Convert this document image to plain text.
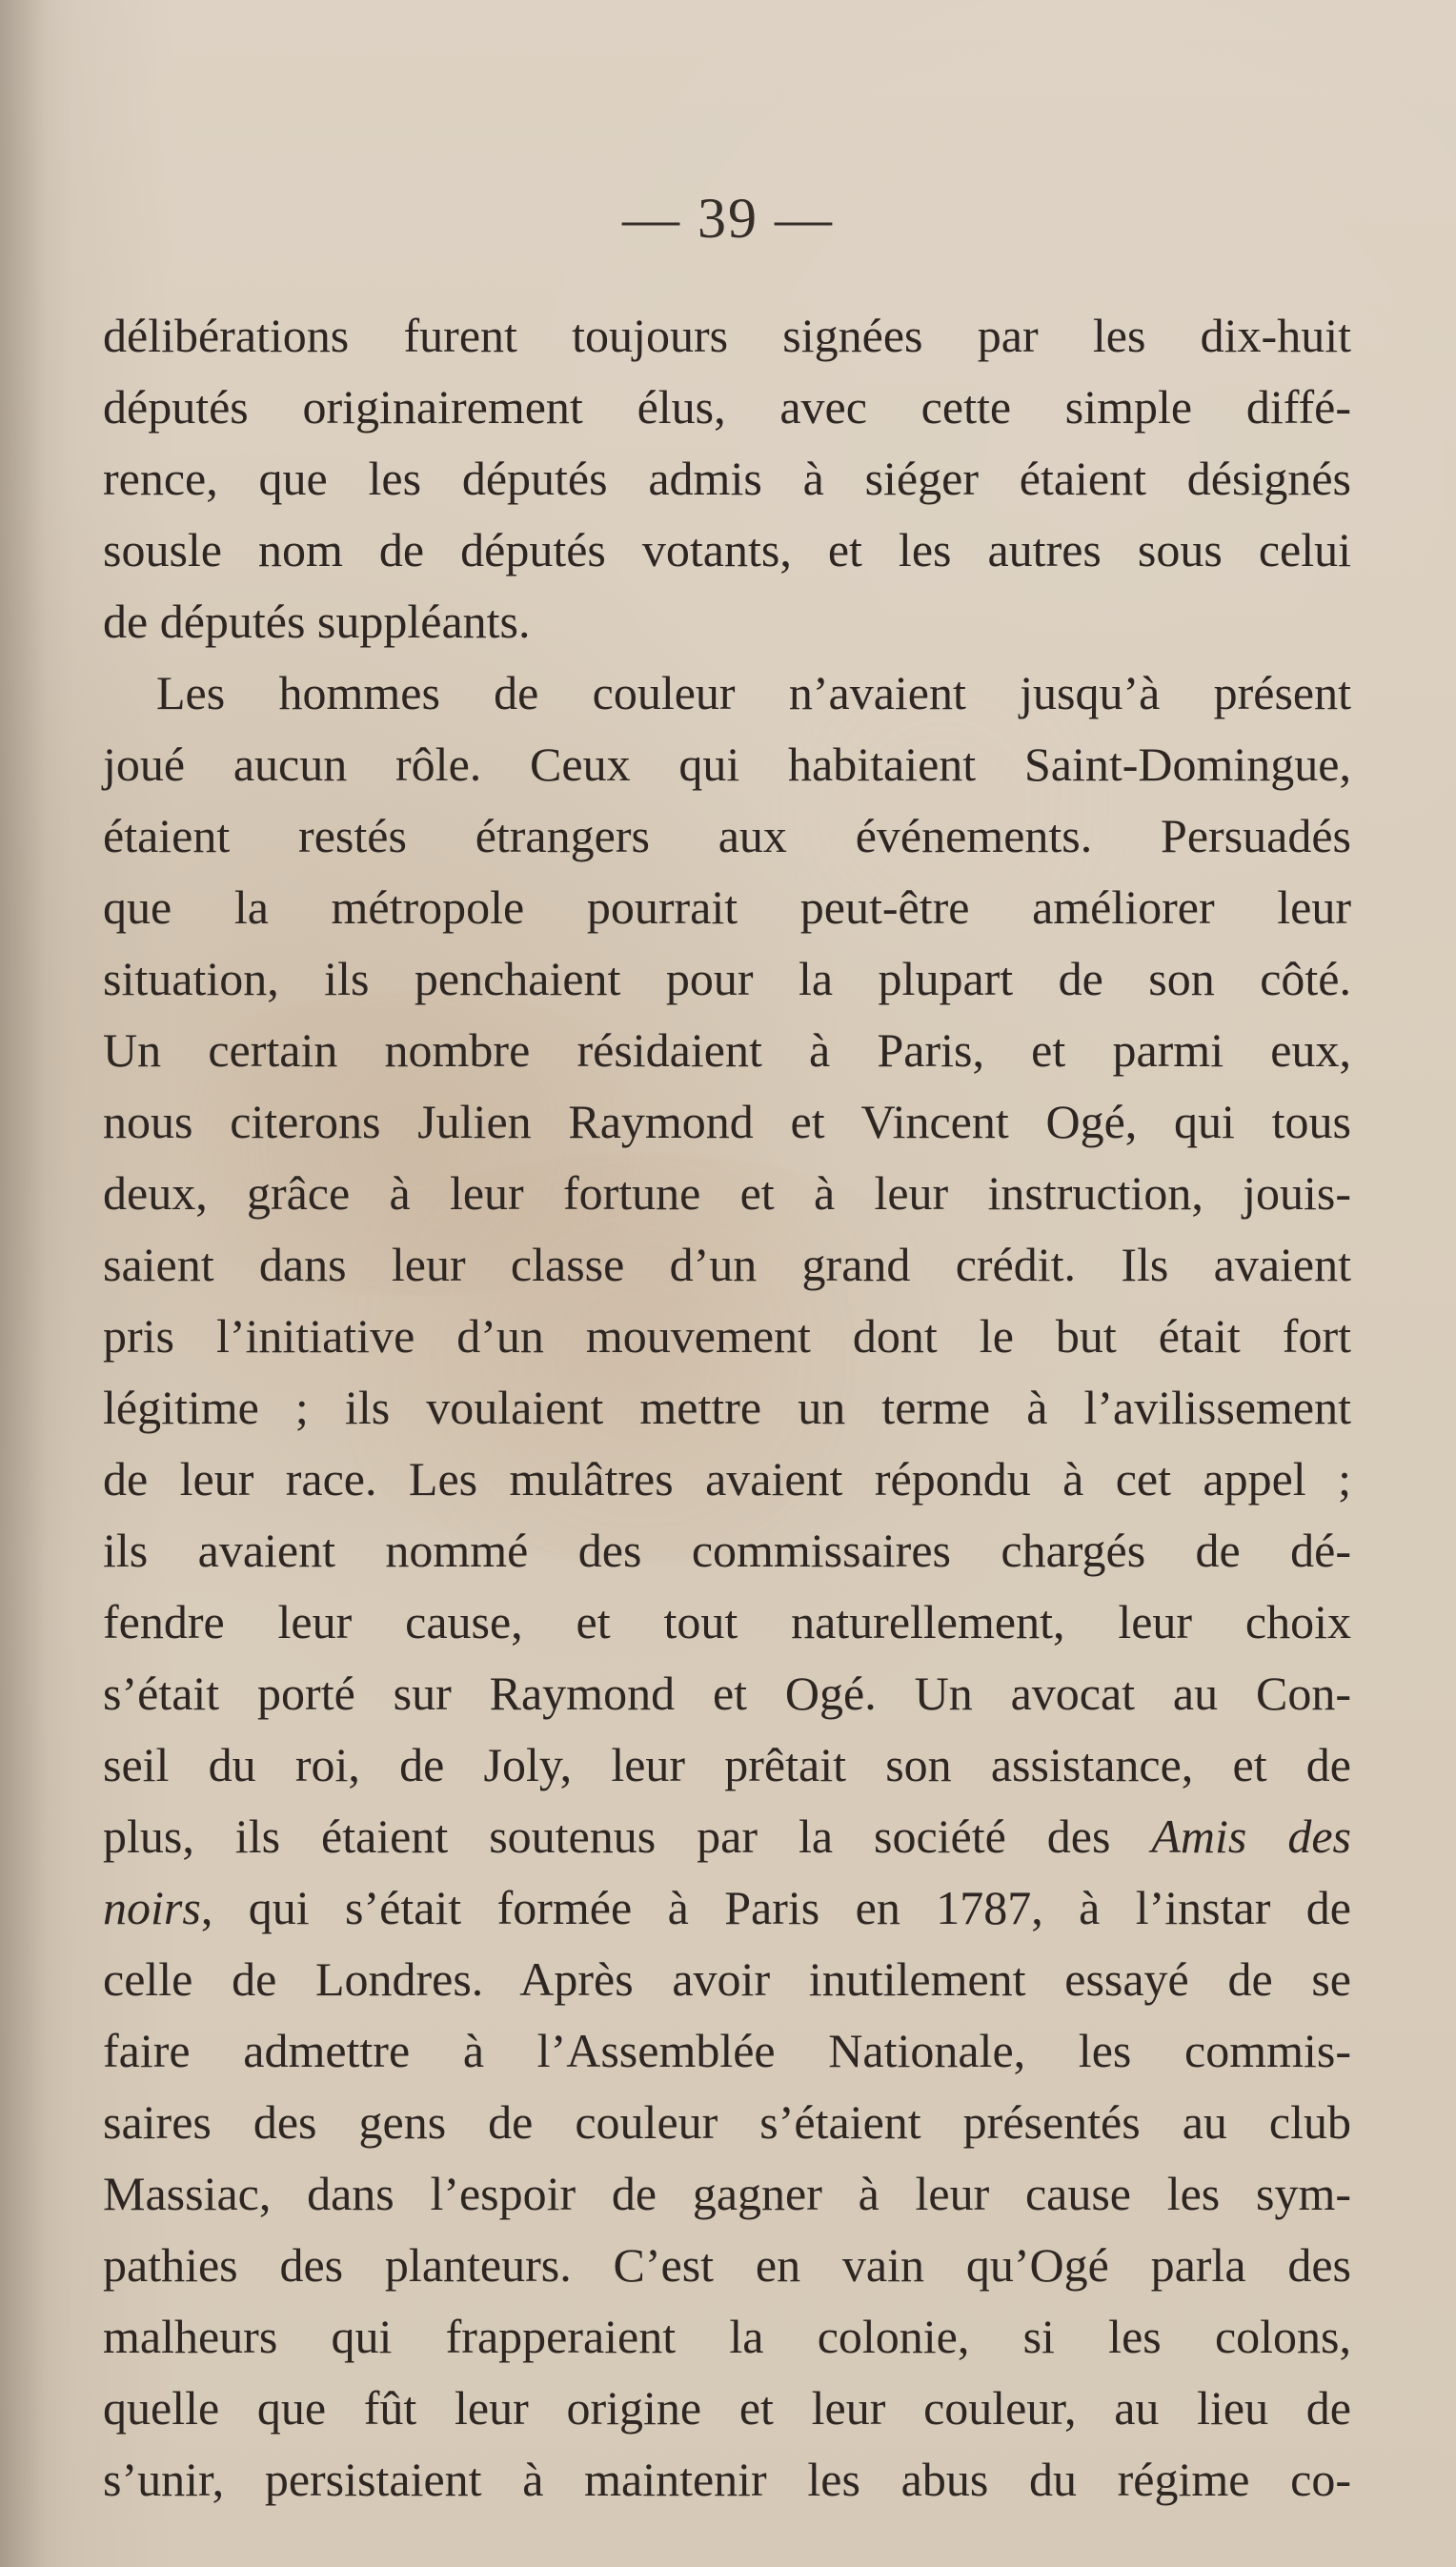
— 39 —

délibérations furent toujours signées par les dix-huit
députés originairement élus, avec cette simple diffé-
rence, que les députés admis à siéger étaient désignés
sousle nom de députés votants, et les autres sous celui
de députés suppléants.
Les hommes de couleur n’avaient jusqu’à présent
joué aucun rôle. Ceux qui habitaient Saint-Domingue,
étaient restés étrangers aux événements. Persuadés
que la métropole pourrait peut-être améliorer leur
situation, ils penchaient pour la plupart de son côté.
Un certain nombre résidaient à Paris, et parmi eux,
nous citerons Julien Raymond et Vincent Ogé, qui tous
deux, grâce à leur fortune et à leur instruction, jouis-
saient dans leur classe d’un grand crédit. Ils avaient
pris l’initiative d’un mouvement dont le but était fort
légitime ; ils voulaient mettre un terme à l’avilissement
de leur race. Les mulâtres avaient répondu à cet appel ;
ils avaient nommé des commissaires chargés de dé-
fendre leur cause, et tout naturellement, leur choix
s’était porté sur Raymond et Ogé. Un avocat au Con-
seil du roi, de Joly, leur prêtait son assistance, et de
plus, ils étaient soutenus par la société des Amis des
noirs, qui s’était formée à Paris en 1787, à l’instar de
celle de Londres. Après avoir inutilement essayé de se
faire admettre à l’Assemblée Nationale, les commis-
saires des gens de couleur s’étaient présentés au club
Massiac, dans l’espoir de gagner à leur cause les sym-
pathies des planteurs. C’est en vain qu’Ogé parla des
malheurs qui frapperaient la colonie, si les colons,
quelle que fût leur origine et leur couleur, au lieu de
s’unir, persistaient à maintenir les abus du régime co-
